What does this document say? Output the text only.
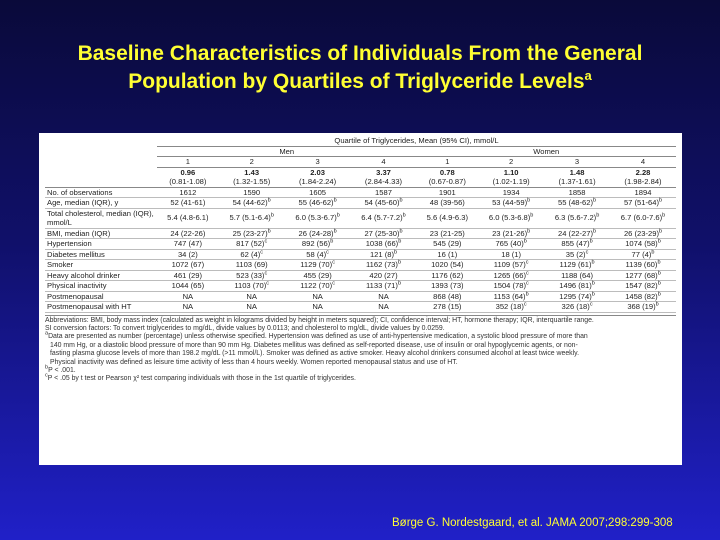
Baseline Characteristics of Individuals From the General
Population by Quartiles of Triglyceride Levels$^a$
	Quartile of Triglycerides, Mean (95% CI), mmol/L							
	Men				Women			
	1	2	3	4	1	2	3	4
	0.96	1.43	2.03	3.37	0.78	1.10	1.48	2.28
	(0.81-1.08)	(1.32-1.55)	(1.84-2.24)	(2.84-4.33)	(0.67-0.87)	(1.02-1.19)	(1.37-1.61)	(1.98-2.84)
No. of observations	1612	1590	1605	1587	1901	1934	1858	1894
Age, median (IQR), y	52 (41-61)	54 $(44-62)^b$	55 $(46-62)^b$	54 $(45-60)^b$	48 (39-56)	53 $(44-59)^b$	55 $(48-62)^b$	57 $(51-64)^b$
Total cholesterol, median (IQR), mmol/L	5.4 (4.8-6.1)	5.7 $(5.1-6.4)^b$	6.0 $(5.3-6.7)^b$	6.4 $(5.7-7.2)^b$	5.6 (4.9-6.3)	6.0 $(5.3-6.8)^b$	6.3 $(5.6-7.2)^b$	6.7 $(6.0-7.6)^b$
BMI, median (IQR)	24 (22-26)	25 $(23-27)^b$	26 $(24-28)^b$	27 $(25-30)^b$	23 (21-25)	23 $(21-26)^b$	24 $(22-27)^b$	26 $(23-29)^b$
Hypertension	747 (47)	817 $(52)^c$	892 $(56)^b$	1038 $(66)^b$	545 (29)	765 $(40)^b$	855 $(47)^b$	1074 $(58)^b$
Diabetes mellitus	34 (2)	62 $(4)^c$	58 $(4)^c$	121 $(8)^b$	16 (1)	18 (1)	35 $(2)^c$	77 $(4)^b$
Smoker	1072 (67)	1103 (69)	1129 $(70)^c$	1162 $(73)^b$	1020 (54)	1109 $(57)^c$	1129 $(61)^b$	1139 $(60)^b$
Heavy alcohol drinker	461 (29)	523 $(33)^c$	455 (29)	420 (27)	1176 (62)	1265 $(66)^c$	1188 (64)	1277 $(68)^b$
Physical inactivity	1044 (65)	1103 $(70)^c$	1122 $(70)^c$	1133 $(71)^b$	1393 (73)	1504 $(78)^c$	1496 $(81)^b$	1547 $(82)^b$
Postmenopausal	NA	NA	NA	NA	868 (48)	1153 $(64)^b$	1295 $(74)^b$	1458 $(82)^b$
Postmenopausal with HT	NA	NA	NA	NA	278 (15)	352 $(18)^c$	326 $(18)^c$	368 $(19)^b$
Abbreviations: BMI, body mass index (calculated as weight in kilograms divided by height in meters squared); CI, confidence interval; HT, hormone therapy; IQR, interquartile range.
SI conversion factors: To convert triglycerides to mg/dL, divide values by 0.0113; and cholesterol to mg/dL, divide values by 0.0259.
$^a$Data are presented as number (percentage) unless otherwise specified. Hypertension was defined as use of anti-hypertensive medication, a systolic blood pressure of more than
140 mm Hg, or a diastolic blood pressure of more than 90 mm Hg. Diabetes mellitus was defined as self-reported disease, use of insulin or oral hypoglycemic agents, or non-
fasting plasma glucose levels of more than 198.2 mg/dL (>11 mmol/L). Smoker was defined as active smoker. Heavy alcohol drinkers consumed alcohol at least twice weekly.
Physical inactivity was defined as leisure time activity of less than 4 hours weekly. Women reported menopausal status and use of HT.
$^b$P < .001.
$^c$P < .05 by t test or Pearson χ² test comparing individuals with those in the 1st quartile of triglycerides.
Børge G. Nordestgaard, et al. JAMA 2007;298:299-308
